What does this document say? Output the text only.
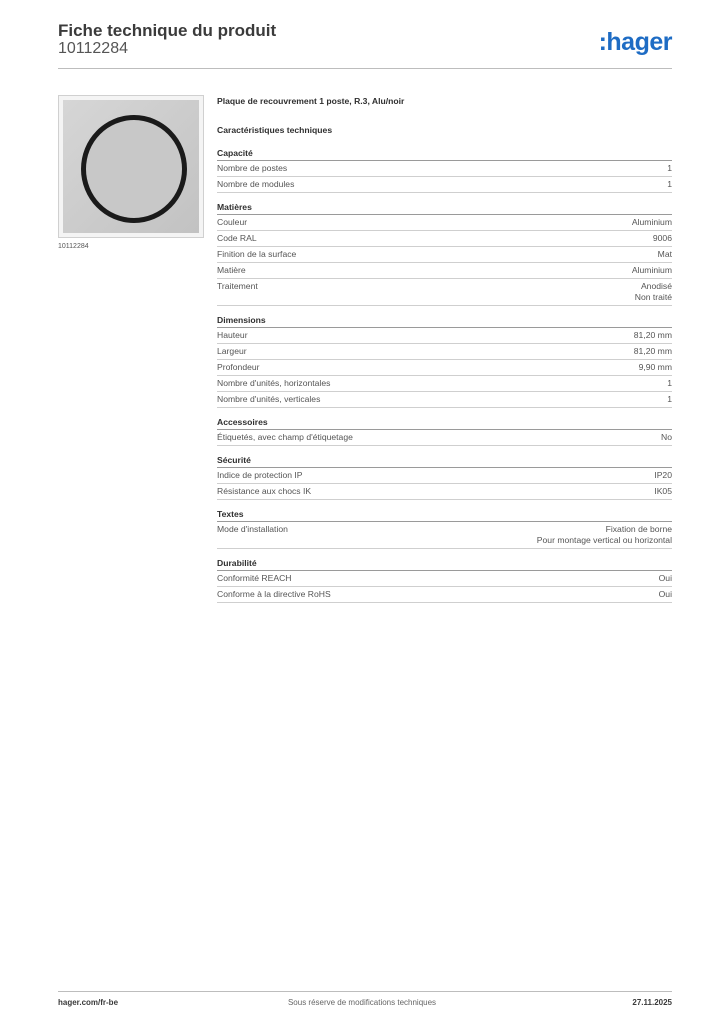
Fiche technique du produit
10112284	:hager
10112284
Plaque de recouvrement 1 poste, R.3, Alu/noir
Caractéristiques techniques
Capacité
Nombre de postes	1
Nombre de modules	1
Matières
Couleur	Aluminium
Code RAL	9006
Finition de la surface	Mat
Matière	Aluminium
Traitement	Anodisé
Non traité
Dimensions
Hauteur	81,20 mm
Largeur	81,20 mm
Profondeur	9,90 mm
Nombre d'unités, horizontales	1
Nombre d'unités, verticales	1
Accessoires
Étiquetés, avec champ d'étiquetage	No
Sécurité
Indice de protection IP	IP20
Résistance aux chocs IK	IK05
Textes
Mode d'installation	Fixation de borne
Pour montage vertical ou horizontal
Durabilité
Conformité REACH	Oui
Conforme à la directive RoHS	Oui
hager.com/fr-be	Sous réserve de modifications techniques	27.11.2025
